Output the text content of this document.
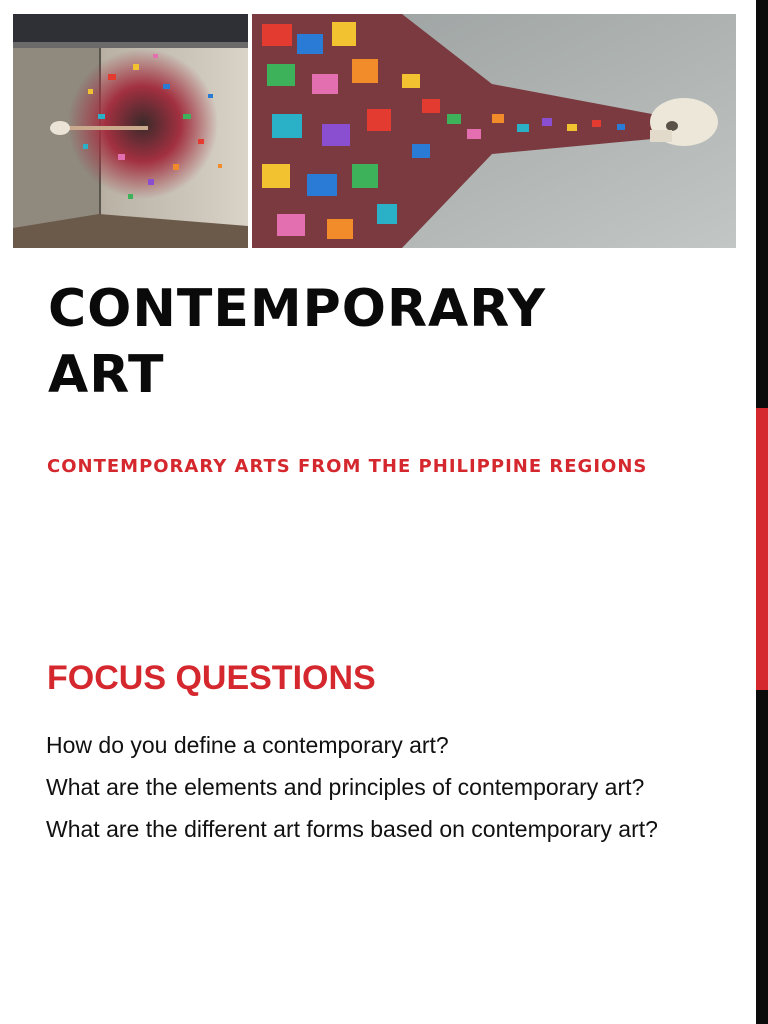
CONTEMPORARY
ART

CONTEMPORARY ARTS FROM THE PHILIPPINE REGIONS

FOCUS QUESTIONS
How do you define a contemporary art?
What are the elements and principles of contemporary art?
What are the different art forms based on contemporary art?
